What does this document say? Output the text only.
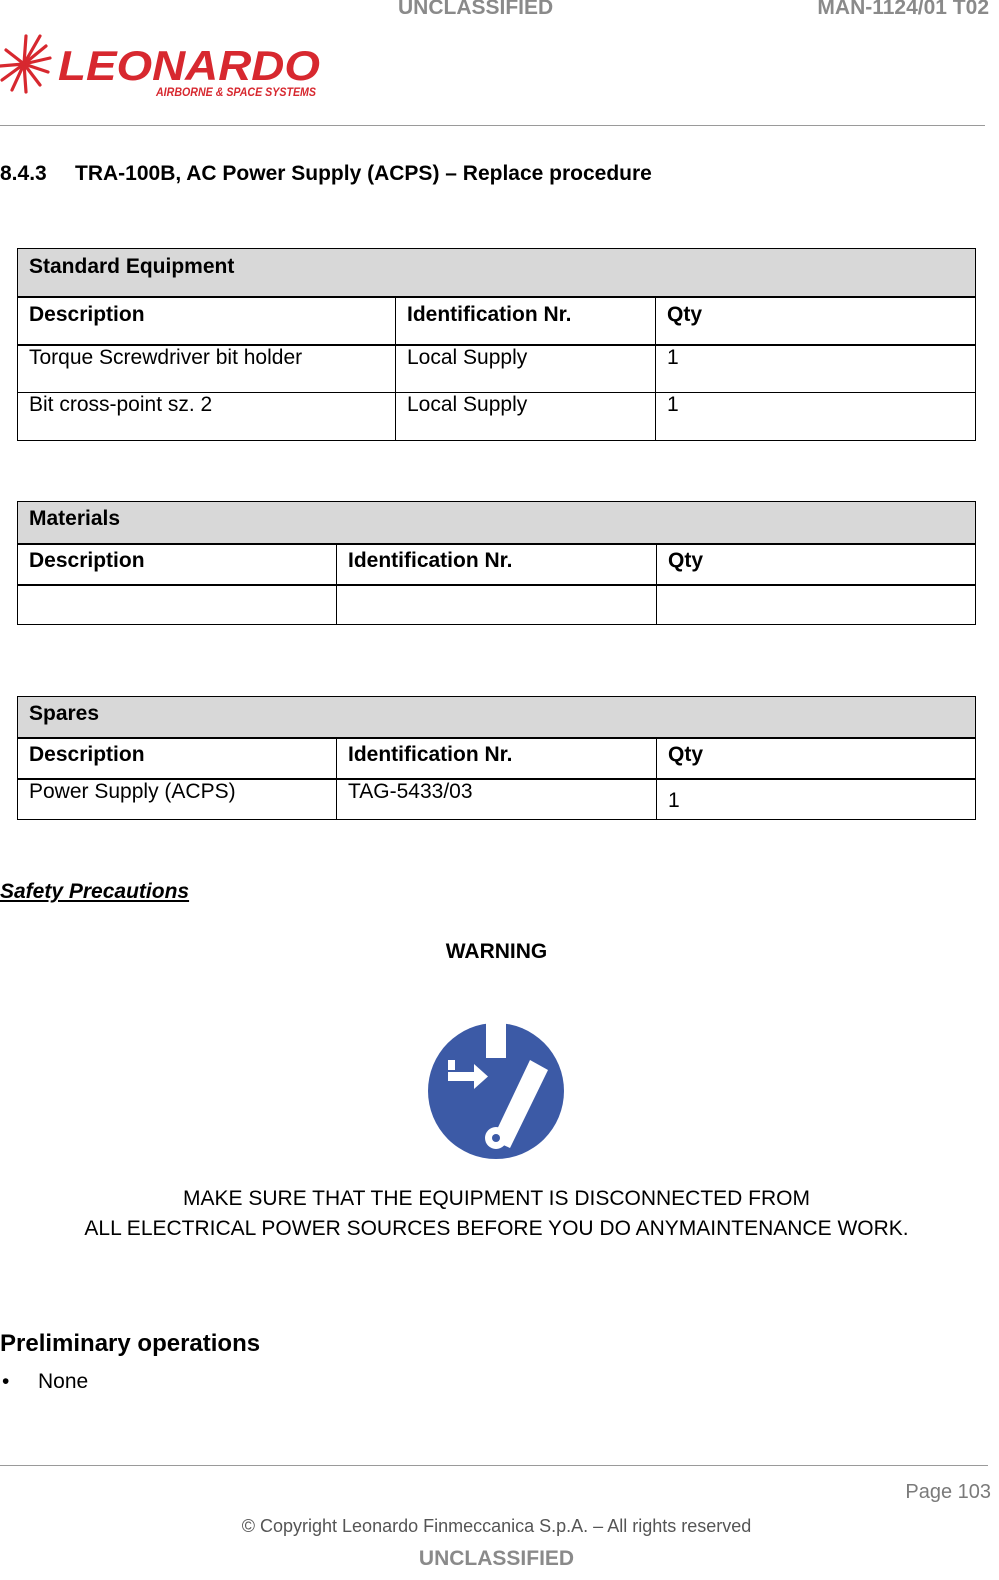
UNCLASSIFIED	MAN-1124/01 T02
LEONARDO
AIRBORNE & SPACE SYSTEMS
8.4.3 TRA-100B, AC Power Supply (ACPS) – Replace procedure
Standard Equipment		
Description	Identification Nr.	Qty
Torque Screwdriver bit holder	Local Supply	1
Bit cross-point sz. 2	Local Supply	1
Materials		
Description	Identification Nr.	Qty

Spares		
Description	Identification Nr.	Qty
Power Supply (ACPS)	TAG-5433/03	1
Safety Precautions
WARNING
MAKE SURE THAT THE EQUIPMENT IS DISCONNECTED FROM
ALL ELECTRICAL POWER SOURCES BEFORE YOU DO ANYMAINTENANCE WORK.
Preliminary operations
• None
Page 103
© Copyright Leonardo Finmeccanica S.p.A. – All rights reserved
UNCLASSIFIED
